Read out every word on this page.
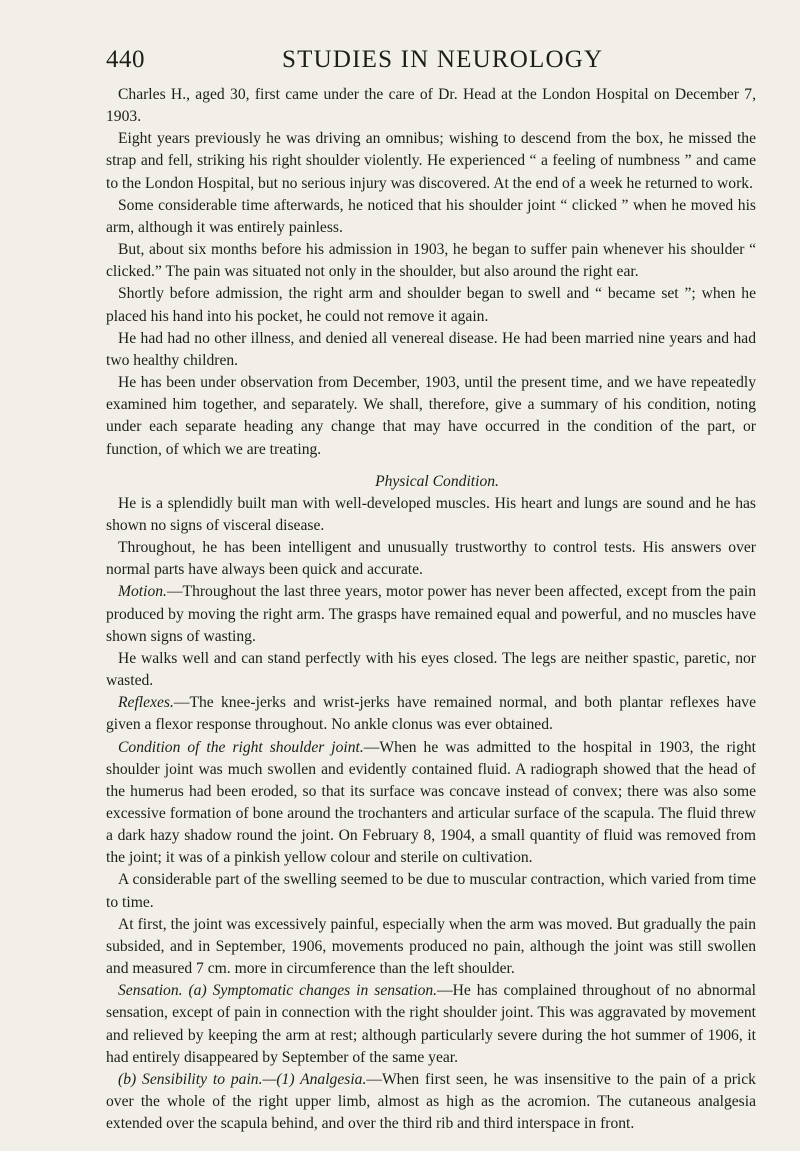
440	STUDIES IN NEUROLOGY

Charles H., aged 30, first came under the care of Dr. Head at the London Hospital on December 7, 1903.

Eight years previously he was driving an omnibus; wishing to descend from the box, he missed the strap and fell, striking his right shoulder violently. He experienced “ a feeling of numbness ” and came to the London Hospital, but no serious injury was discovered. At the end of a week he returned to work.

Some considerable time afterwards, he noticed that his shoulder joint “ clicked ” when he moved his arm, although it was entirely painless.

But, about six months before his admission in 1903, he began to suffer pain whenever his shoulder “ clicked.” The pain was situated not only in the shoulder, but also around the right ear.

Shortly before admission, the right arm and shoulder began to swell and “ became set ”; when he placed his hand into his pocket, he could not remove it again.

He had had no other illness, and denied all venereal disease. He had been married nine years and had two healthy children.

He has been under observation from December, 1903, until the present time, and we have repeatedly examined him together, and separately. We shall, therefore, give a summary of his condition, noting under each separate heading any change that may have occurred in the condition of the part, or function, of which we are treating.

Physical Condition.

He is a splendidly built man with well-developed muscles. His heart and lungs are sound and he has shown no signs of visceral disease.

Throughout, he has been intelligent and unusually trustworthy to control tests. His answers over normal parts have always been quick and accurate.

Motion.—Throughout the last three years, motor power has never been affected, except from the pain produced by moving the right arm. The grasps have remained equal and powerful, and no muscles have shown signs of wasting.

He walks well and can stand perfectly with his eyes closed. The legs are neither spastic, paretic, nor wasted.

Reflexes.—The knee-jerks and wrist-jerks have remained normal, and both plantar reflexes have given a flexor response throughout. No ankle clonus was ever obtained.

Condition of the right shoulder joint.—When he was admitted to the hospital in 1903, the right shoulder joint was much swollen and evidently contained fluid. A radiograph showed that the head of the humerus had been eroded, so that its surface was concave instead of convex; there was also some excessive formation of bone around the trochanters and articular surface of the scapula. The fluid threw a dark hazy shadow round the joint. On February 8, 1904, a small quantity of fluid was removed from the joint; it was of a pinkish yellow colour and sterile on cultivation.

A considerable part of the swelling seemed to be due to muscular contraction, which varied from time to time.

At first, the joint was excessively painful, especially when the arm was moved. But gradually the pain subsided, and in September, 1906, movements produced no pain, although the joint was still swollen and measured 7 cm. more in circumference than the left shoulder.

Sensation. (a) Symptomatic changes in sensation.—He has complained throughout of no abnormal sensation, except of pain in connection with the right shoulder joint. This was aggravated by movement and relieved by keeping the arm at rest; although particularly severe during the hot summer of 1906, it had entirely disappeared by September of the same year.

(b) Sensibility to pain.—(1) Analgesia.—When first seen, he was insensitive to the pain of a prick over the whole of the right upper limb, almost as high as the acromion. The cutaneous analgesia extended over the scapula behind, and over the third rib and third interspace in front.
